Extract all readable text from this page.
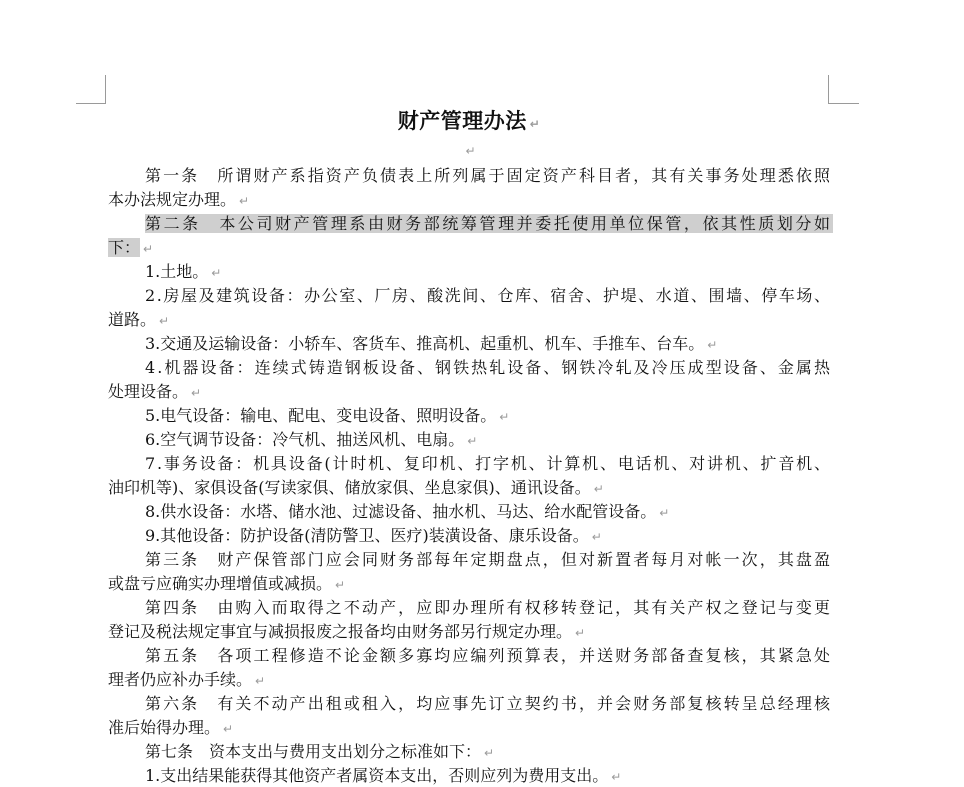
财产管理办法 ↵
↵
第一条　所谓财产系指资产负债表上所列属于固定资产科目者，其有关事务处理悉依照
本办法规定办理。 ↵
第二条　本公司财产管理系由财务部统筹管理并委托使用单位保管，依其性质划分如
下： ↵
1.土地。 ↵
2.房屋及建筑设备：办公室、厂房、酸洗间、仓库、宿舍、护堤、水道、围墙、停车场、
道路。 ↵
3.交通及运输设备：小轿车、客货车、推高机、起重机、机车、手推车、台车。 ↵
4.机器设备：连续式铸造钢板设备、钢铁热轧设备、钢铁冷轧及冷压成型设备、金属热
处理设备。 ↵
5.电气设备：输电、配电、变电设备、照明设备。 ↵
6.空气调节设备：冷气机、抽送风机、电扇。 ↵
7.事务设备：机具设备(计时机、复印机、打字机、计算机、电话机、对讲机、扩音机、
油印机等)、家俱设备(写读家俱、储放家俱、坐息家俱)、通讯设备。 ↵
8.供水设备：水塔、储水池、过滤设备、抽水机、马达、给水配管设备。 ↵
9.其他设备：防护设备(清防警卫、医疗)装潢设备、康乐设备。 ↵
第三条　财产保管部门应会同财务部每年定期盘点，但对新置者每月对帐一次，其盘盈
或盘亏应确实办理增值或减损。 ↵
第四条　由购入而取得之不动产，应即办理所有权移转登记，其有关产权之登记与变更
登记及税法规定事宜与减损报废之报备均由财务部另行规定办理。 ↵
第五条　各项工程修造不论金额多寡均应编列预算表，并送财务部备查复核，其紧急处
理者仍应补办手续。 ↵
第六条　有关不动产出租或租入，均应事先订立契约书，并会财务部复核转呈总经理核
准后始得办理。 ↵
第七条　资本支出与费用支出划分之标准如下： ↵
1.支出结果能获得其他资产者属资本支出，否则应列为费用支出。 ↵
